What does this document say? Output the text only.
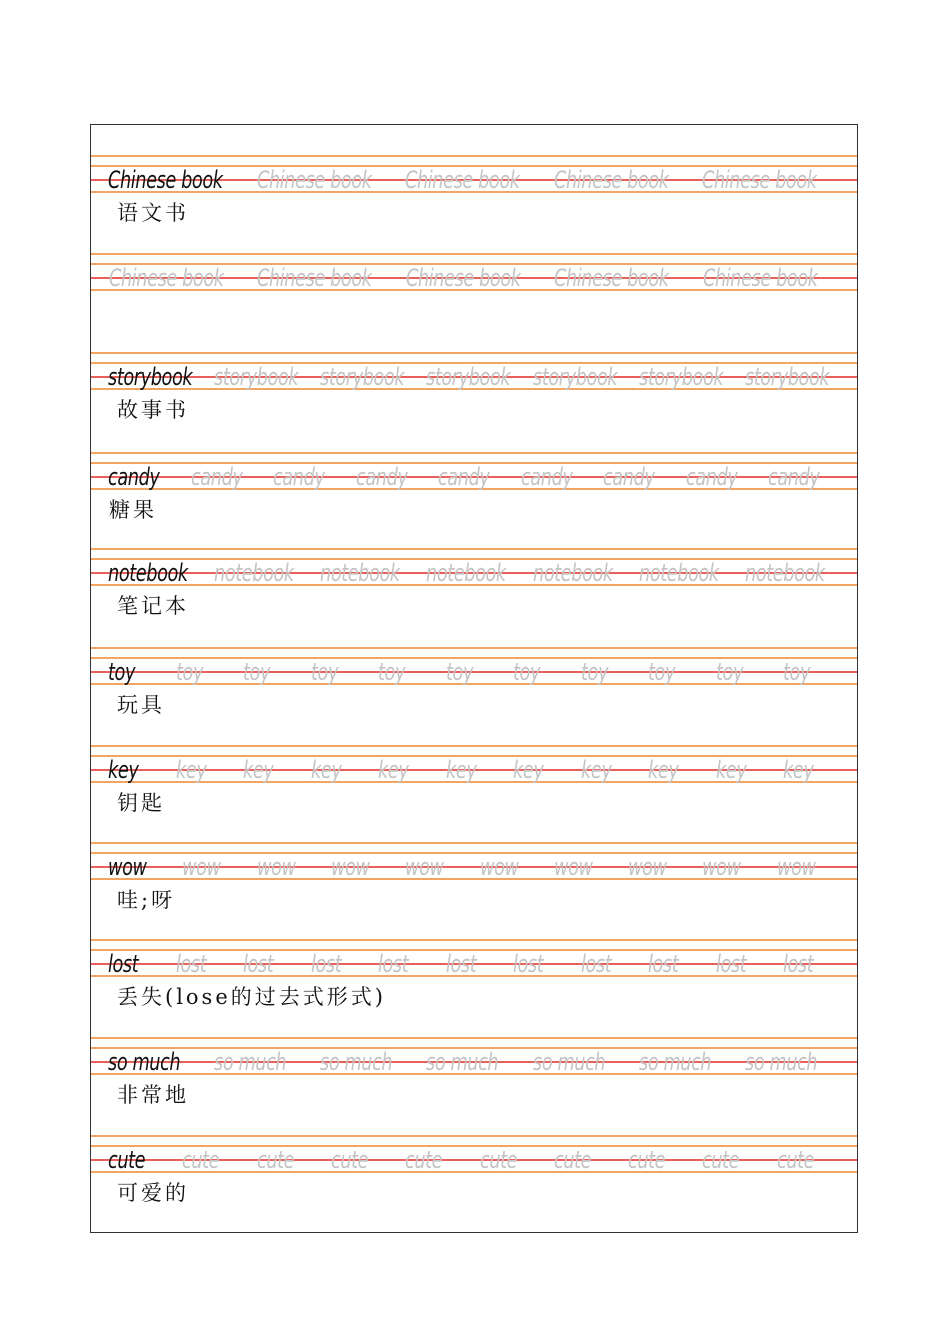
Chinese book Chinese book Chinese book Chinese book Chinese book
语文书
Chinese book Chinese book Chinese book Chinese book Chinese book
storybook storybook storybook storybook storybook storybook storybook
故事书
candy candy candy candy candy candy candy candy candy
糖果
notebook notebook notebook notebook notebook notebook notebook
笔记本
toy toy toy toy toy toy toy toy toy toy toy
玩具
key key key key key key key key key key key
钥匙
wow wow wow wow wow wow wow wow wow wow
哇;呀
lost lost lost lost lost lost lost lost lost lost lost
丢失(lose的过去式形式)
so much so much so much so much so much so much so much
非常地
cute cute cute cute cute cute cute cute cute cute
可爱的
